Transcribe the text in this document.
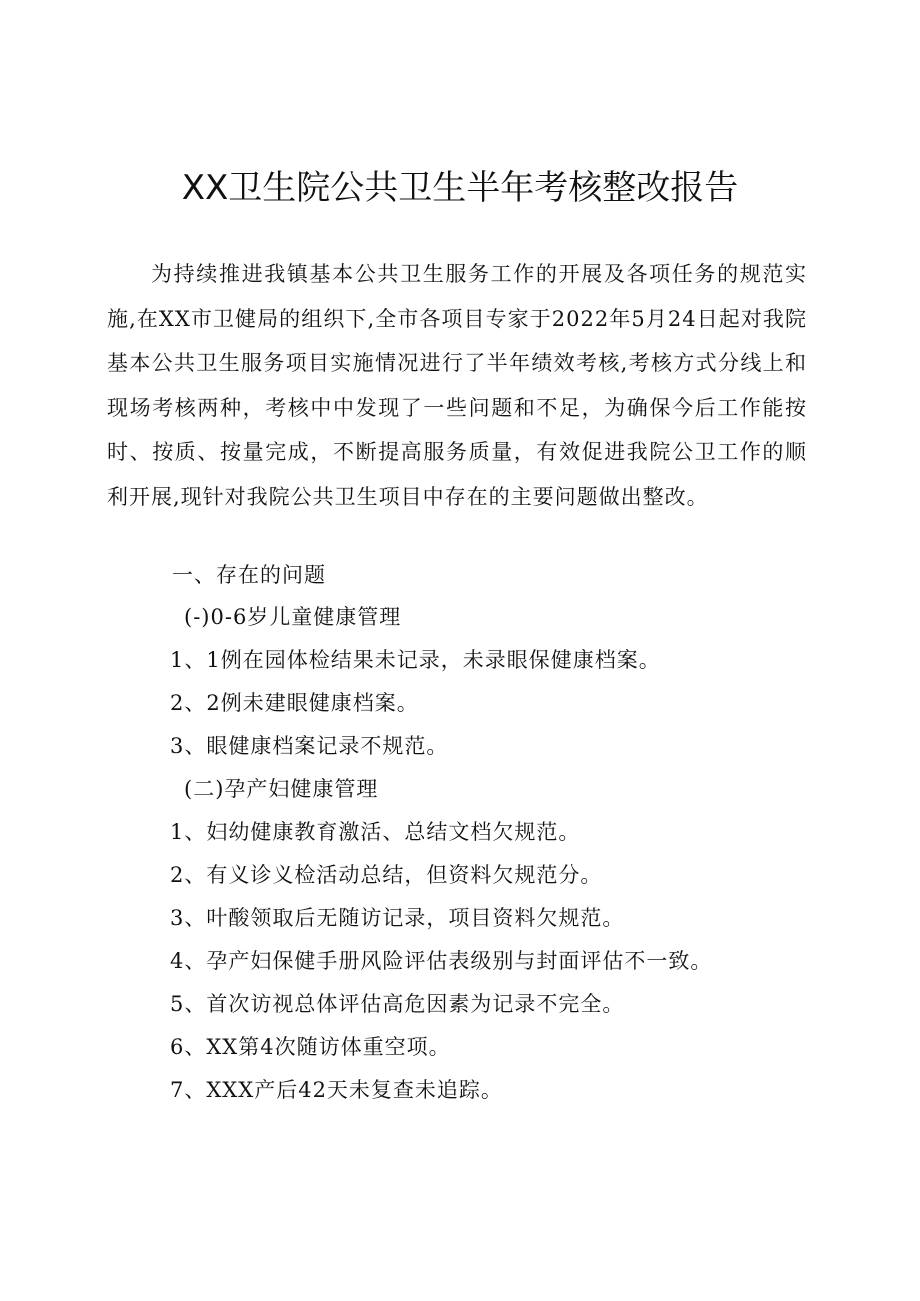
XX卫生院公共卫生半年考核整改报告

为持续推进我镇基本公共卫生服务工作的开展及各项任务的规范实施,在XX市卫健局的组织下,全市各项目专家于2022年5月24日起对我院基本公共卫生服务项目实施情况进行了半年绩效考核,考核方式分线上和现场考核两种，考核中中发现了一些问题和不足，为确保今后工作能按时、按质、按量完成，不断提高服务质量，有效促进我院公卫工作的顺利开展,现针对我院公共卫生项目中存在的主要问题做出整改。

一、存在的问题

(-)0-6岁儿童健康管理

1、1例在园体检结果未记录，未录眼保健康档案。

2、2例未建眼健康档案。

3、眼健康档案记录不规范。

(二)孕产妇健康管理

1、妇幼健康教育激活、总结文档欠规范。

2、有义诊义检活动总结，但资料欠规范分。

3、叶酸领取后无随访记录，项目资料欠规范。

4、孕产妇保健手册风险评估表级别与封面评估不一致。

5、首次访视总体评估高危因素为记录不完全。

6、XX第4次随访体重空项。

7、XXX产后42天未复查未追踪。
